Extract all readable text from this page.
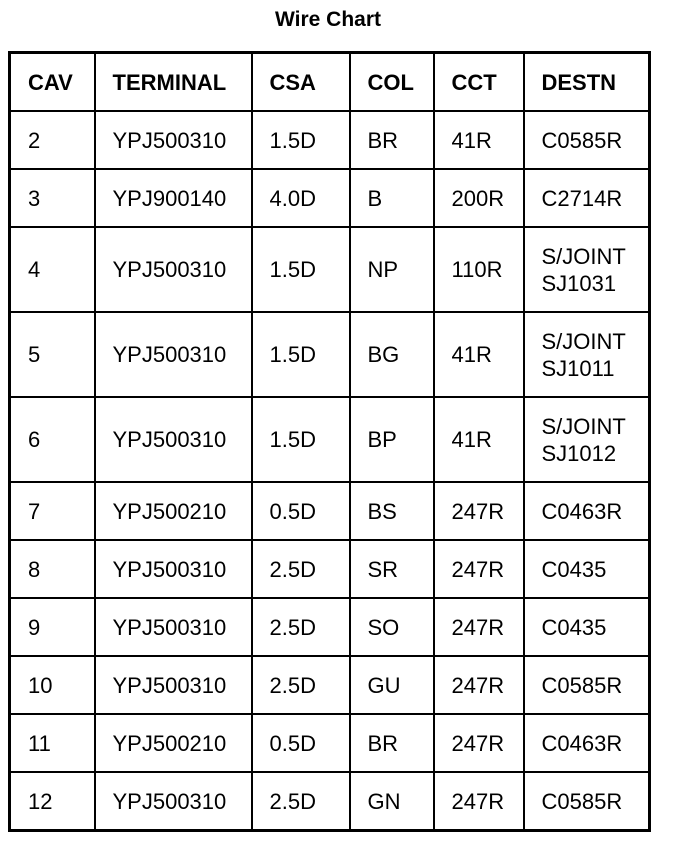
Wire Chart
CAV	TERMINAL	CSA	COL	CCT	DESTN
2	YPJ500310	1.5D	BR	41R	C0585R

3	YPJ900140	4.0D	B	200R	C2714R

4	YPJ500310	1.5D	NP	110R	S/JOINT
SJ1031

5	YPJ500310	1.5D	BG	41R	S/JOINT
SJ1011

6	YPJ500310	1.5D	BP	41R	S/JOINT
SJ1012

7	YPJ500210	0.5D	BS	247R	C0463R

8	YPJ500310	2.5D	SR	247R	C0435

9	YPJ500310	2.5D	SO	247R	C0435

10	YPJ500310	2.5D	GU	247R	C0585R

11	YPJ500210	0.5D	BR	247R	C0463R

12	YPJ500310	2.5D	GN	247R	C0585R
